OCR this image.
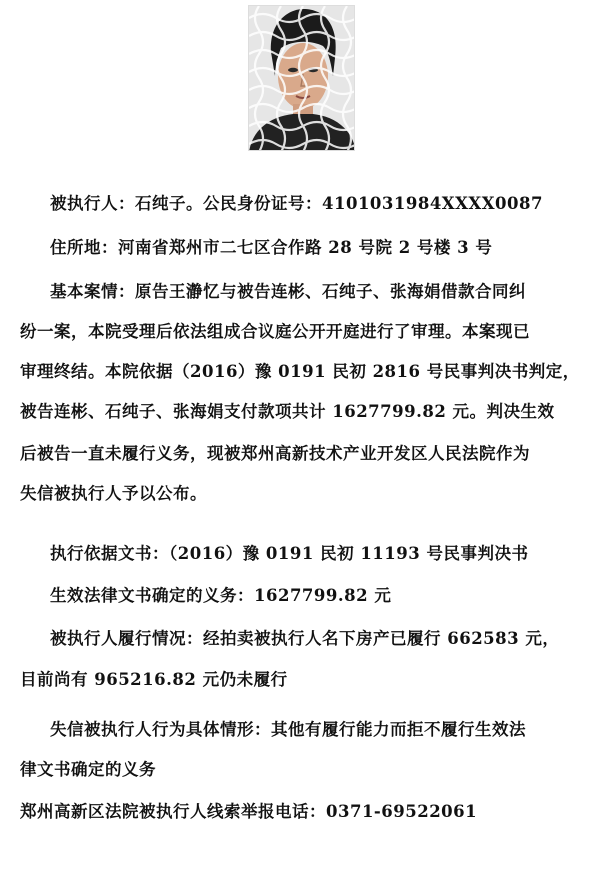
被执行人：石纯子。公民身份证号：4101031984XXXX0087
住所地：河南省郑州市二七区合作路 28 号院 2 号楼 3 号
基本案情：原告王瀞忆与被告连彬、石纯子、张海娟借款合同纠
纷一案，本院受理后依法组成合议庭公开开庭进行了审理。本案现已
审理终结。本院依据（2016）豫 0191 民初 2816 号民事判决书判定，
被告连彬、石纯子、张海娟支付款项共计 1627799.82 元。判决生效
后被告一直未履行义务，现被郑州高新技术产业开发区人民法院作为
失信被执行人予以公布。
执行依据文书：（2016）豫 0191 民初 11193 号民事判决书
生效法律文书确定的义务：1627799.82 元
被执行人履行情况：经拍卖被执行人名下房产已履行 662583 元，
目前尚有 965216.82 元仍未履行
失信被执行人行为具体情形：其他有履行能力而拒不履行生效法
律文书确定的义务
郑州高新区法院被执行人线索举报电话：0371-69522061
